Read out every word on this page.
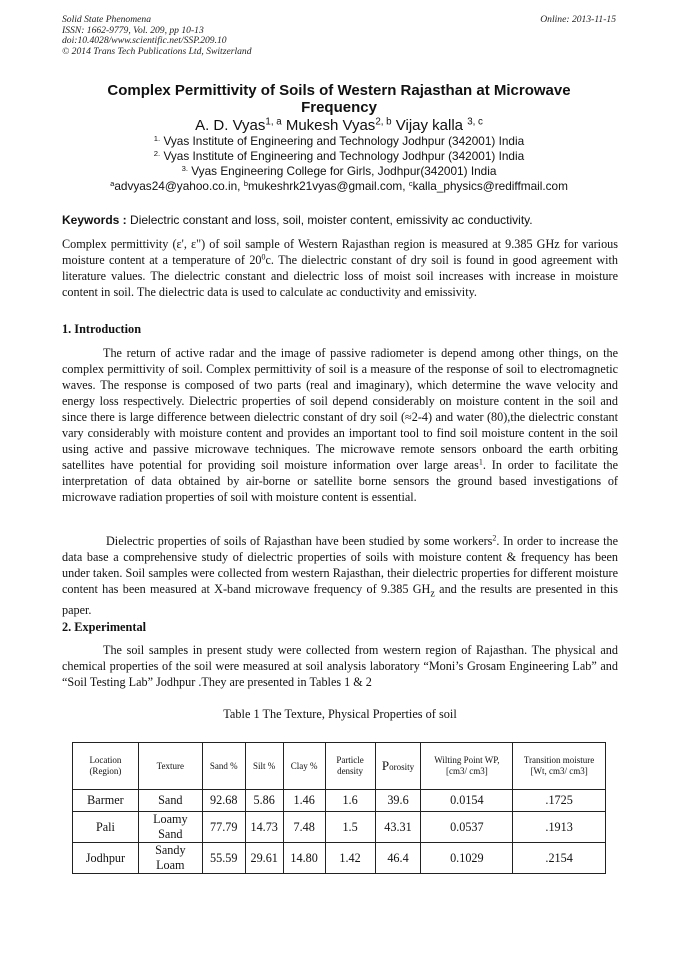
Solid State Phenomena
ISSN: 1662-9779, Vol. 209, pp 10-13
doi:10.4028/www.scientific.net/SSP.209.10
© 2014 Trans Tech Publications Ltd, Switzerland
Online: 2013-11-15
Complex Permittivity of Soils of Western Rajasthan at Microwave
Frequency
A. D. Vyas$^{1, a}$ Mukesh Vyas$^{2, b}$ Vijay kalla $^{3, c}$
$^{1.}$ Vyas Institute of Engineering and Technology Jodhpur (342001) India
$^{2.}$ Vyas Institute of Engineering and Technology Jodhpur (342001) India
$^{3.}$ Vyas Engineering College for Girls, Jodhpur(342001) India
$^a$advyas24@yahoo.co.in, $^b$mukeshrk21vyas@gmail.com, $^c$kalla_physics@rediffmail.com
Keywords : Dielectric constant and loss, soil, moister content, emissivity ac conductivity.

Complex permittivity (ε', ε") of soil sample of Western Rajasthan region is measured at 9.385 GHz for various moisture content at a temperature of $20^0c$. The dielectric constant of dry soil is found in good agreement with literature values. The dielectric constant and dielectric loss of moist soil increases with increase in moisture content in soil. The dielectric data is used to calculate ac conductivity and emissivity.

1. Introduction

The return of active radar and the image of passive radiometer is depend among other things, on the complex permittivity of soil. Complex permittivity of soil is a measure of the response of soil to electromagnetic waves. The response is composed of two parts (real and imaginary), which determine the wave velocity and energy loss respectively. Dielectric properties of soil depend considerably on moisture content in the soil and since there is large difference between dielectric constant of dry soil (≈2-4) and water (80),the dielectric constant vary considerably with moisture content and provides an important tool to find soil moisture content in the soil using active and passive microwave techniques. The microwave remote sensors onboard the earth orbiting satellites have potential for providing soil moisture information over large areas$^1$. In order to facilitate the interpretation of data obtained by air-borne or satellite borne sensors the ground based investigations of microwave radiation properties of soil with moisture content is essential.

Dielectric properties of soils of Rajasthan have been studied by some workers$^2$. In order to increase the data base a comprehensive study of dielectric properties of soils with moisture content & frequency has been under taken. Soil samples were collected from western Rajasthan, their dielectric properties for different moisture content has been measured at X-band microwave frequency of 9.385 $GH_z$ and the results are presented in this paper.

2. Experimental

The soil samples in present study were collected from western region of Rajasthan. The physical and chemical properties of the soil were measured at soil analysis laboratory “Moni’s Grosam Engineering Lab” and “Soil Testing Lab” Jodhpur .They are presented in Tables 1 & 2

Table 1 The Texture, Physical Properties of soil
Location (Region)	Texture	Sand %	Silt %	Clay %	Particle density	Porosity	Wilting Point WP, [cm3/ cm3]	Transition moisture [Wt, cm3/ cm3]
Barmer	Sand	92.68	5.86	1.46	1.6	39.6	0.0154	.1725
Pali	Loamy Sand	77.79	14.73	7.48	1.5	43.31	0.0537	.1913
Jodhpur	Sandy Loam	55.59	29.61	14.80	1.42	46.4	0.1029	.2154
